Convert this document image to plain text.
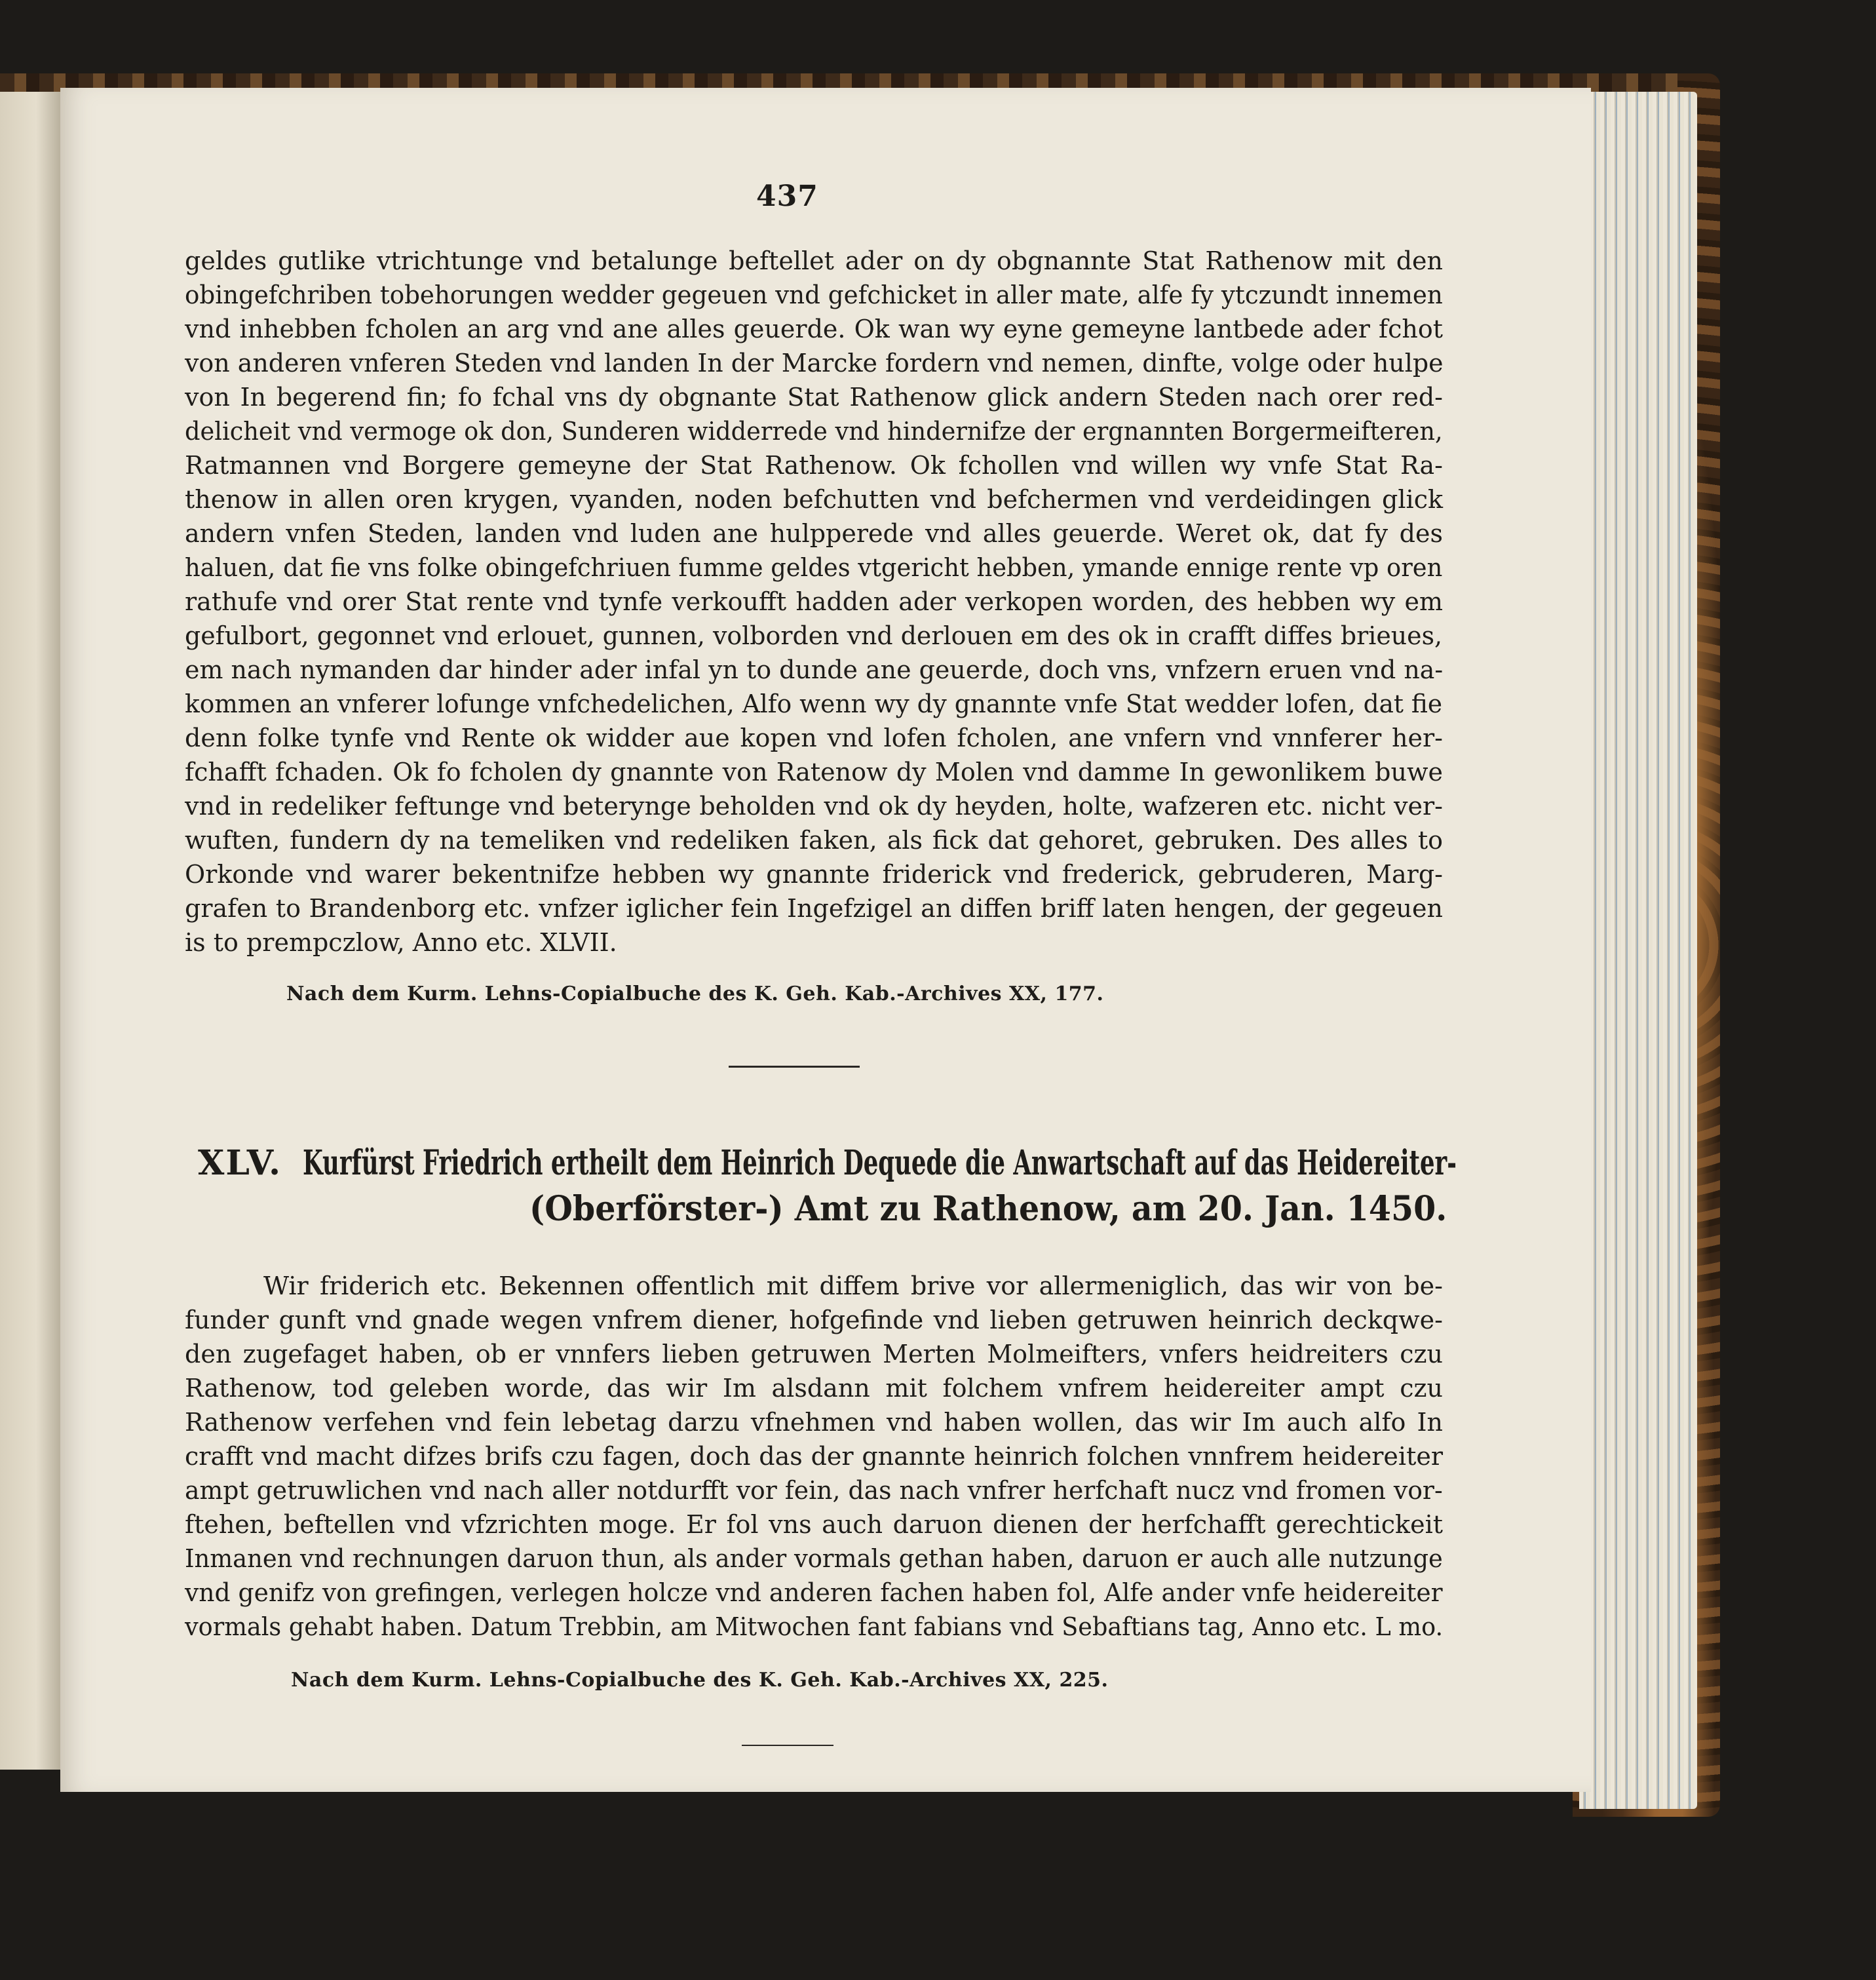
437
geldes gutlike vtrichtunge vnd betalunge beftellet ader on dy obgnannte Stat Rathenow mit den
obingefchriben tobehorungen wedder gegeuen vnd gefchicket in aller mate, alfe fy ytczundt innemen
vnd inhebben fcholen an arg vnd ane alles geuerde. Ok wan wy eyne gemeyne lantbede ader fchot
von anderen vnferen Steden vnd landen In der Marcke fordern vnd nemen, dinfte, volge oder hulpe
von In begerend fin; fo fchal vns dy obgnante Stat Rathenow glick andern Steden nach orer red-
delicheit vnd vermoge ok don, Sunderen widderrede vnd hindernifze der ergnannten Borgermeifteren,
Ratmannen vnd Borgere gemeyne der Stat Rathenow. Ok fchollen vnd willen wy vnfe Stat Ra-
thenow in allen oren krygen, vyanden, noden befchutten vnd befchermen vnd verdeidingen glick
andern vnfen Steden, landen vnd luden ane hulpperede vnd alles geuerde. Weret ok, dat fy des
haluen, dat fie vns folke obingefchriuen fumme geldes vtgericht hebben, ymande ennige rente vp oren
rathufe vnd orer Stat rente vnd tynfe verkoufft hadden ader verkopen worden, des hebben wy em
gefulbort, gegonnet vnd erlouet, gunnen, volborden vnd derlouen em des ok in crafft diffes brieues,
em nach nymanden dar hinder ader infal yn to dunde ane geuerde, doch vns, vnfzern eruen vnd na-
kommen an vnferer lofunge vnfchedelichen, Alfo wenn wy dy gnannte vnfe Stat wedder lofen, dat fie
denn folke tynfe vnd Rente ok widder aue kopen vnd lofen fcholen, ane vnfern vnd vnnferer her-
fchafft fchaden. Ok fo fcholen dy gnannte von Ratenow dy Molen vnd damme In gewonlikem buwe
vnd in redeliker feftunge vnd beterynge beholden vnd ok dy heyden, holte, wafzeren etc. nicht ver-
wuften, fundern dy na temeliken vnd redeliken faken, als fick dat gehoret, gebruken. Des alles to
Orkonde vnd warer bekentnifze hebben wy gnannte friderick vnd frederick, gebruderen, Marg-
grafen to Brandenborg etc. vnfzer iglicher fein Ingefzigel an diffen briff laten hengen, der gegeuen
is to prempczlow, Anno etc. XLVII.
Nach dem Kurm. Lehns-Copialbuche des K. Geh. Kab.-Archives XX, 177.
XLV. Kurfürst Friedrich ertheilt dem Heinrich Dequede die Anwartschaft auf das Heidereiter-
(Oberförster-) Amt zu Rathenow, am 20. Jan. 1450.
Wir friderich etc. Bekennen offentlich mit diffem brive vor allermeniglich, das wir von be-
funder gunft vnd gnade wegen vnfrem diener, hofgefinde vnd lieben getruwen heinrich deckqwe-
den zugefaget haben, ob er vnnfers lieben getruwen Merten Molmeifters, vnfers heidreiters czu
Rathenow, tod geleben worde, das wir Im alsdann mit folchem vnfrem heidereiter ampt czu
Rathenow verfehen vnd fein lebetag darzu vfnehmen vnd haben wollen, das wir Im auch alfo In
crafft vnd macht difzes brifs czu fagen, doch das der gnannte heinrich folchen vnnfrem heidereiter
ampt getruwlichen vnd nach aller notdurfft vor fein, das nach vnfrer herfchaft nucz vnd fromen vor-
ftehen, beftellen vnd vfzrichten moge. Er fol vns auch daruon dienen der herfchafft gerechtickeit
Inmanen vnd rechnungen daruon thun, als ander vormals gethan haben, daruon er auch alle nutzunge
vnd genifz von grefingen, verlegen holcze vnd anderen fachen haben fol, Alfe ander vnfe heidereiter
vormals gehabt haben. Datum Trebbin, am Mitwochen fant fabians vnd Sebaftians tag, Anno etc. L mo.
Nach dem Kurm. Lehns-Copialbuche des K. Geh. Kab.-Archives XX, 225.
